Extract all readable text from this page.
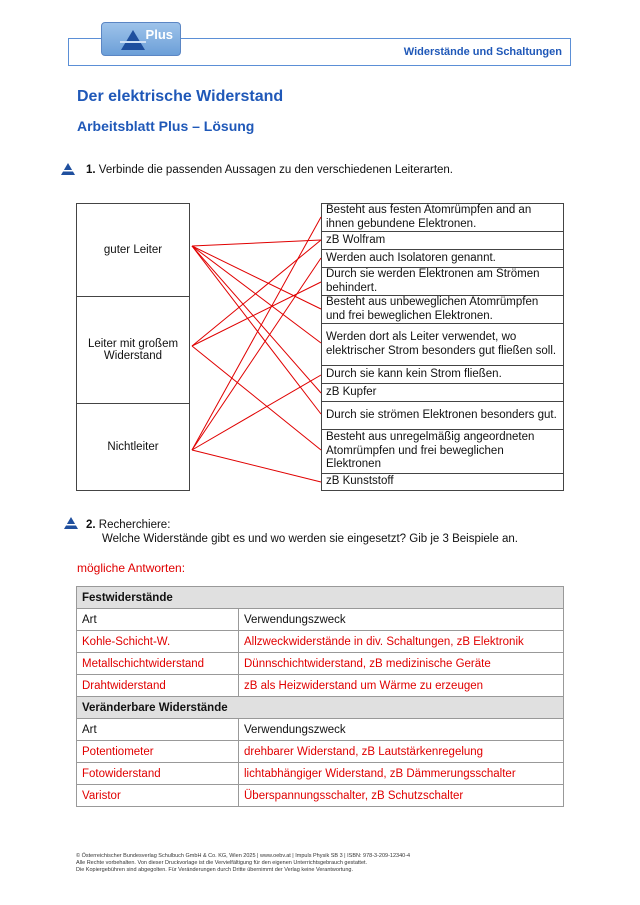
Plus
Widerstände und Schaltungen
Der elektrische Widerstand
Arbeitsblatt Plus – Lösung
1. Verbinde die passenden Aussagen zu den verschiedenen Leiterarten.
guter Leiter
Leiter mit großem Widerstand
Nichtleiter
Besteht aus festen Atomrümpfen and an ihnen gebundene Elektronen.
zB Wolfram
Werden auch Isolatoren genannt.
Durch sie werden Elektronen am Strömen behindert.
Besteht aus unbeweglichen Atomrümpfen und frei beweglichen Elektronen.
Werden dort als Leiter verwendet, wo elektrischer Strom besonders gut fließen soll.
Durch sie kann kein Strom fließen.
zB Kupfer
Durch sie strömen Elektronen besonders gut.
Besteht aus unregelmäßig angeordneten Atomrümpfen und frei beweglichen Elektronen
zB Kunststoff
2. Recherchiere:
Welche Widerstände gibt es und wo werden sie eingesetzt? Gib je 3 Beispiele an.
mögliche Antworten:
Festwiderstände	
Art	Verwendungszweck
Kohle-Schicht-W.	Allzweckwiderstände in div. Schaltungen, zB Elektronik
Metallschichtwiderstand	Dünnschichtwiderstand, zB medizinische Geräte
Drahtwiderstand	zB als Heizwiderstand um Wärme zu erzeugen
Veränderbare Widerstände	
Art	Verwendungszweck
Potentiometer	drehbarer Widerstand, zB Lautstärkenregelung
Fotowiderstand	lichtabhängiger Widerstand, zB Dämmerungsschalter
Varistor	Überspannungsschalter, zB Schutzschalter
© Österreichischer Bundesverlag Schulbuch GmbH & Co. KG, Wien 2025 | www.oebv.at | Impuls Physik SB 3 | ISBN: 978-3-209-12340-4
Alle Rechte vorbehalten. Von dieser Druckvorlage ist die Vervielfältigung für den eigenen Unterrichtsgebrauch gestattet.
Die Kopiergebühren sind abgegolten. Für Veränderungen durch Dritte übernimmt der Verlag keine Verantwortung.
